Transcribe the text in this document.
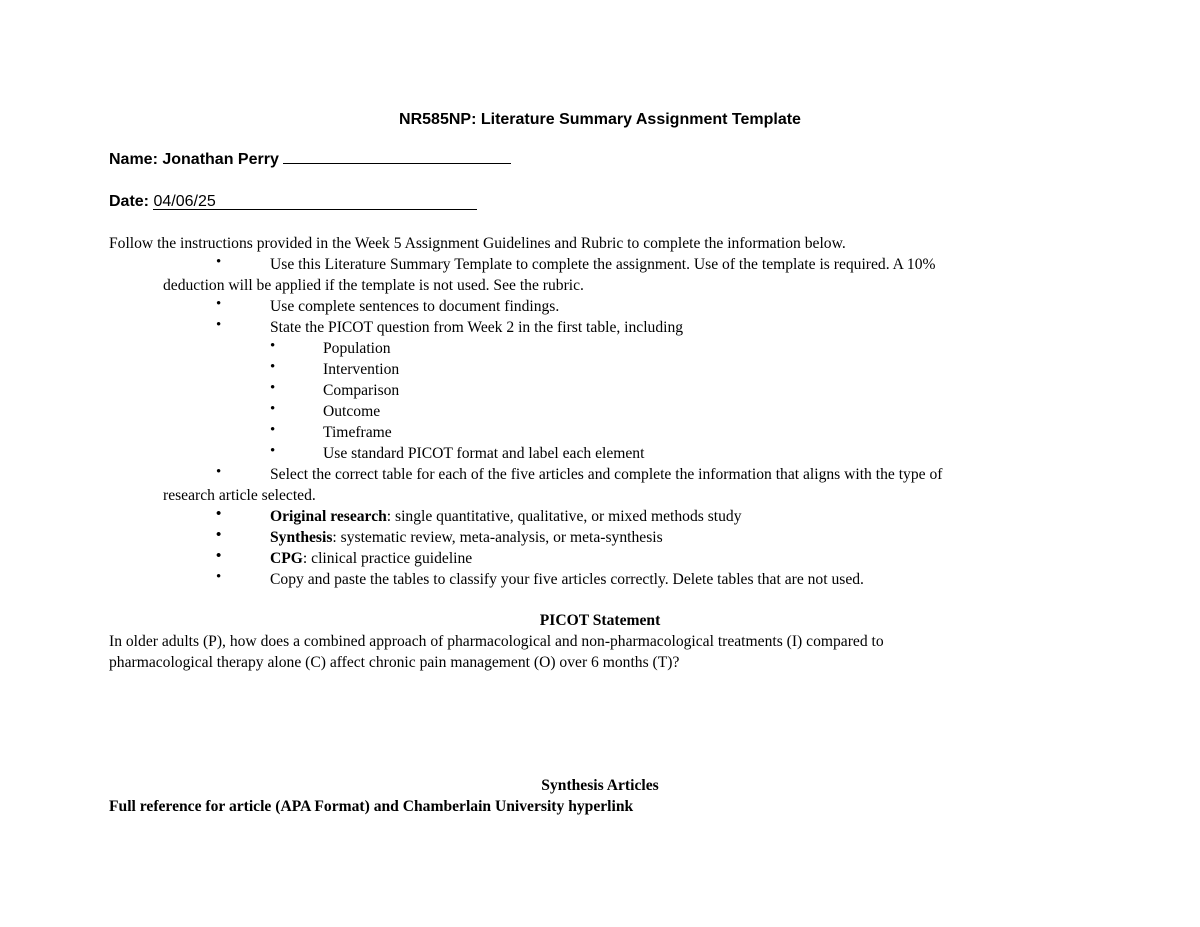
NR585NP: Literature Summary Assignment Template
Name: Jonathan Perry
Date: 04/06/25
Follow the instructions provided in the Week 5 Assignment Guidelines and Rubric to complete the information below.
•	Use this Literature Summary Template to complete the assignment. Use of the template is required. A 10%
deduction will be applied if the template is not used. See the rubric.
•	Use complete sentences to document findings.
•	State the PICOT question from Week 2 in the first table, including
•	Population
•	Intervention
•	Comparison
•	Outcome
•	Timeframe
•	Use standard PICOT format and label each element
•	Select the correct table for each of the five articles and complete the information that aligns with the type of
research article selected.
•	Original research: single quantitative, qualitative, or mixed methods study
•	Synthesis: systematic review, meta-analysis, or meta-synthesis
•	CPG: clinical practice guideline
•	Copy and paste the tables to classify your five articles correctly. Delete tables that are not used.
PICOT Statement
In older adults (P), how does a combined approach of pharmacological and non-pharmacological treatments (I) compared to
pharmacological therapy alone (C) affect chronic pain management (O) over 6 months (T)?
Synthesis Articles
Full reference for article (APA Format) and Chamberlain University hyperlink
